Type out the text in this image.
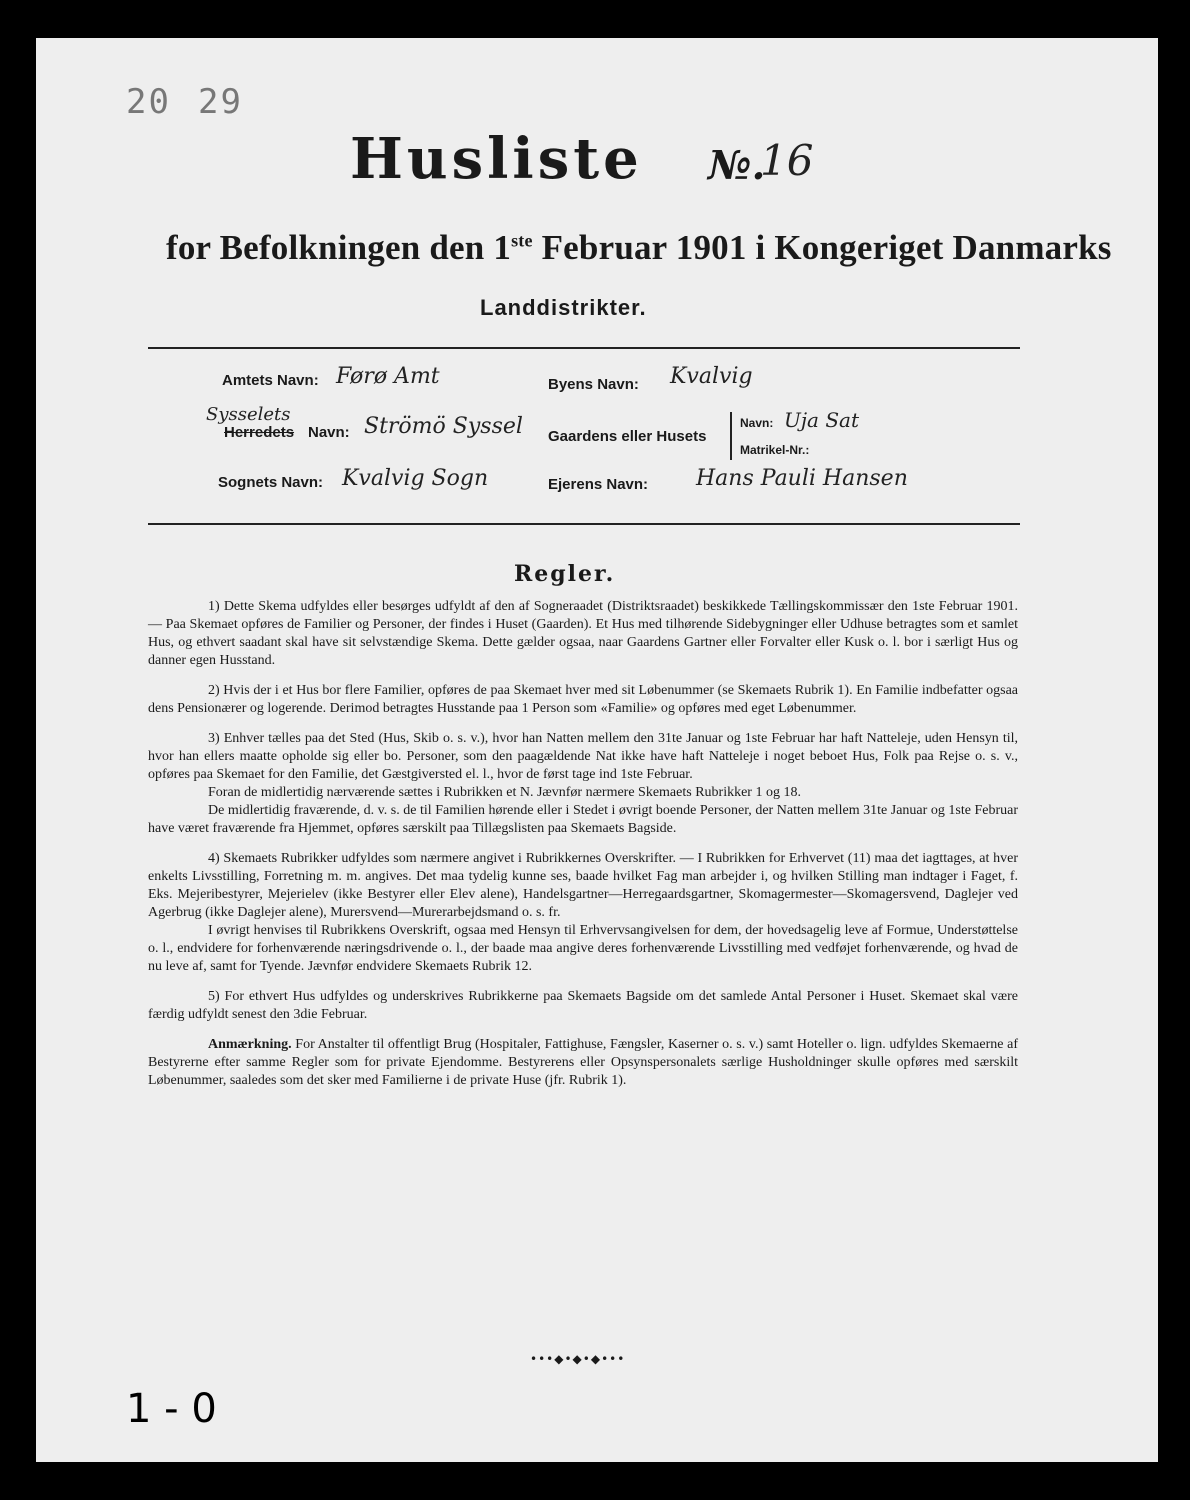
20 29
Husliste №.
16
for Befolkningen den 1ste Februar 1901 i Kongeriget Danmarks
Landdistrikter.
Amtets Navn: Førø Amt
Sysselets
Herredets Navn: Strömö Syssel
Sognets Navn: Kvalvig Sogn
Byens Navn: Kvalvig
Gaardens eller Husets
Navn: Uja Sat
Matrikel-Nr.:
Ejerens Navn: Hans Pauli Hansen
Regler.

1) Dette Skema udfyldes eller besørges udfyldt af den af Sogneraadet (Distriktsraadet) beskikkede Tællingskommissær den 1ste Februar 1901. — Paa Skemaet opføres de Familier og Personer, der findes i Huset (Gaarden). Et Hus med tilhørende Sidebygninger eller Udhuse betragtes som et samlet Hus, og ethvert saadant skal have sit selvstændige Skema. Dette gælder ogsaa, naar Gaardens Gartner eller Forvalter eller Kusk o. l. bor i særligt Hus og danner egen Husstand.

2) Hvis der i et Hus bor flere Familier, opføres de paa Skemaet hver med sit Løbenummer (se Skemaets Rubrik 1). En Familie indbefatter ogsaa dens Pensionærer og logerende. Derimod betragtes Husstande paa 1 Person som «Familie» og opføres med eget Løbenummer.

3) Enhver tælles paa det Sted (Hus, Skib o. s. v.), hvor han Natten mellem den 31te Januar og 1ste Februar har haft Natteleje, uden Hensyn til, hvor han ellers maatte opholde sig eller bo. Personer, som den paagældende Nat ikke have haft Natteleje i noget beboet Hus, Folk paa Rejse o. s. v., opføres paa Skemaet for den Familie, det Gæstgiversted el. l., hvor de først tage ind 1ste Februar.

Foran de midlertidig nærværende sættes i Rubrikken et N. Jævnfør nærmere Skemaets Rubrikker 1 og 18.

De midlertidig fraværende, d. v. s. de til Familien hørende eller i Stedet i øvrigt boende Personer, der Natten mellem 31te Januar og 1ste Februar have været fraværende fra Hjemmet, opføres særskilt paa Tillægslisten paa Skemaets Bagside.

4) Skemaets Rubrikker udfyldes som nærmere angivet i Rubrikkernes Overskrifter. — I Rubrikken for Erhvervet (11) maa det iagttages, at hver enkelts Livsstilling, Forretning m. m. angives. Det maa tydelig kunne ses, baade hvilket Fag man arbejder i, og hvilken Stilling man indtager i Faget, f. Eks. Mejeribestyrer, Mejerielev (ikke Bestyrer eller Elev alene), Handelsgartner—Herregaardsgartner, Skomagermester—Skomagersvend, Daglejer ved Agerbrug (ikke Daglejer alene), Murersvend—Murerarbejdsmand o. s. fr.

I øvrigt henvises til Rubrikkens Overskrift, ogsaa med Hensyn til Erhvervsangivelsen for dem, der hovedsagelig leve af Formue, Understøttelse o. l., endvidere for forhenværende næringsdrivende o. l., der baade maa angive deres forhenværende Livsstilling med vedføjet forhenværende, og hvad de nu leve af, samt for Tyende. Jævnfør endvidere Skemaets Rubrik 12.

5) For ethvert Hus udfyldes og underskrives Rubrikkerne paa Skemaets Bagside om det samlede Antal Personer i Huset. Skemaet skal være færdig udfyldt senest den 3die Februar.

Anmærkning. For Anstalter til offentligt Brug (Hospitaler, Fattighuse, Fængsler, Kaserner o. s. v.) samt Hoteller o. lign. udfyldes Skemaerne af Bestyrerne efter samme Regler som for private Ejendomme. Bestyrerens eller Opsynspersonalets særlige Husholdninger skulle opføres med særskilt Løbenummer, saaledes som det sker med Familierne i de private Huse (jfr. Rubrik 1).

•••◆•◆•◆•••
1 - 0
